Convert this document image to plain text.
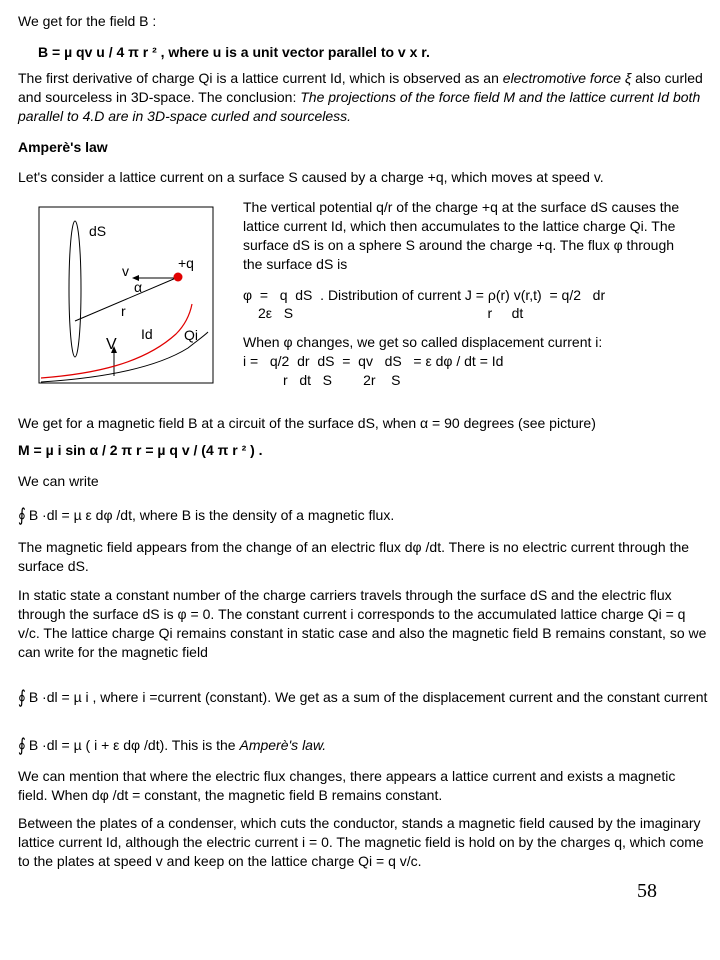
We get for the field B :

B = µ qv u / 4 π r ² , where u is a unit vector parallel to v x r.

The first derivative of charge Qi is a lattice current Id, which is observed as an electromotive force ξ also curled and sourceless in 3D-space. The conclusion: The projections of the force field M and the lattice current Id both parallel to 4.D are in 3D-space curled and sourceless.

Amperè's law

Let's consider a lattice current on a surface S caused by a charge +q, which moves at speed v.

dS
+q
v
α
r
Id Qi
V

The vertical potential q/r of the charge +q at the surface dS causes the lattice current Id, which then accumulates to the lattice charge Qi. The surface dS is on a sphere S around the charge +q. The flux φ through the surface dS is

φ  =   q  dS  . Distribution of current J = ρ(r) v(r,t)  = q/2   dr
2ε   S                                                  r     dt

When φ changes, we get so called displacement current i:

i =   q/2  dr  dS  =  qv   dS   = ε dφ / dt = Id
r   dt   S        2r    S

We get for a magnetic field B at a circuit of the surface dS, when α = 90 degrees (see picture)

M = µ i sin α / 2 π r = µ q v / (4 π r ² ) .

We can write

∮ B ·dl = µ ε dφ /dt, where B is the density of a magnetic flux.

The magnetic field appears from the change of an electric flux dφ /dt. There is no electric current through the surface dS.

In static state a constant number of the charge carriers travels through the surface dS and the electric flux through the surface dS is φ = 0. The constant current i corresponds to the accumulated lattice charge Qi = q v/c. The lattice charge Qi remains constant in static case and also the magnetic field B remains constant, so we can write for the magnetic field

∮ B ·dl = µ i , where i =current (constant). We get as a sum of the displacement current and the constant current
∮ B ·dl = µ ( i + ε dφ /dt). This is the Amperè's law.

We can mention that where the electric flux changes, there appears a lattice current and exists a magnetic field. When dφ /dt = constant, the magnetic field B remains constant.

Between the plates of a condenser, which cuts the conductor, stands a magnetic field caused by the imaginary lattice current Id, although the electric current i = 0. The magnetic field is hold on by the charges q, which come to the plates at speed v and keep on the lattice charge Qi = q v/c.

58
